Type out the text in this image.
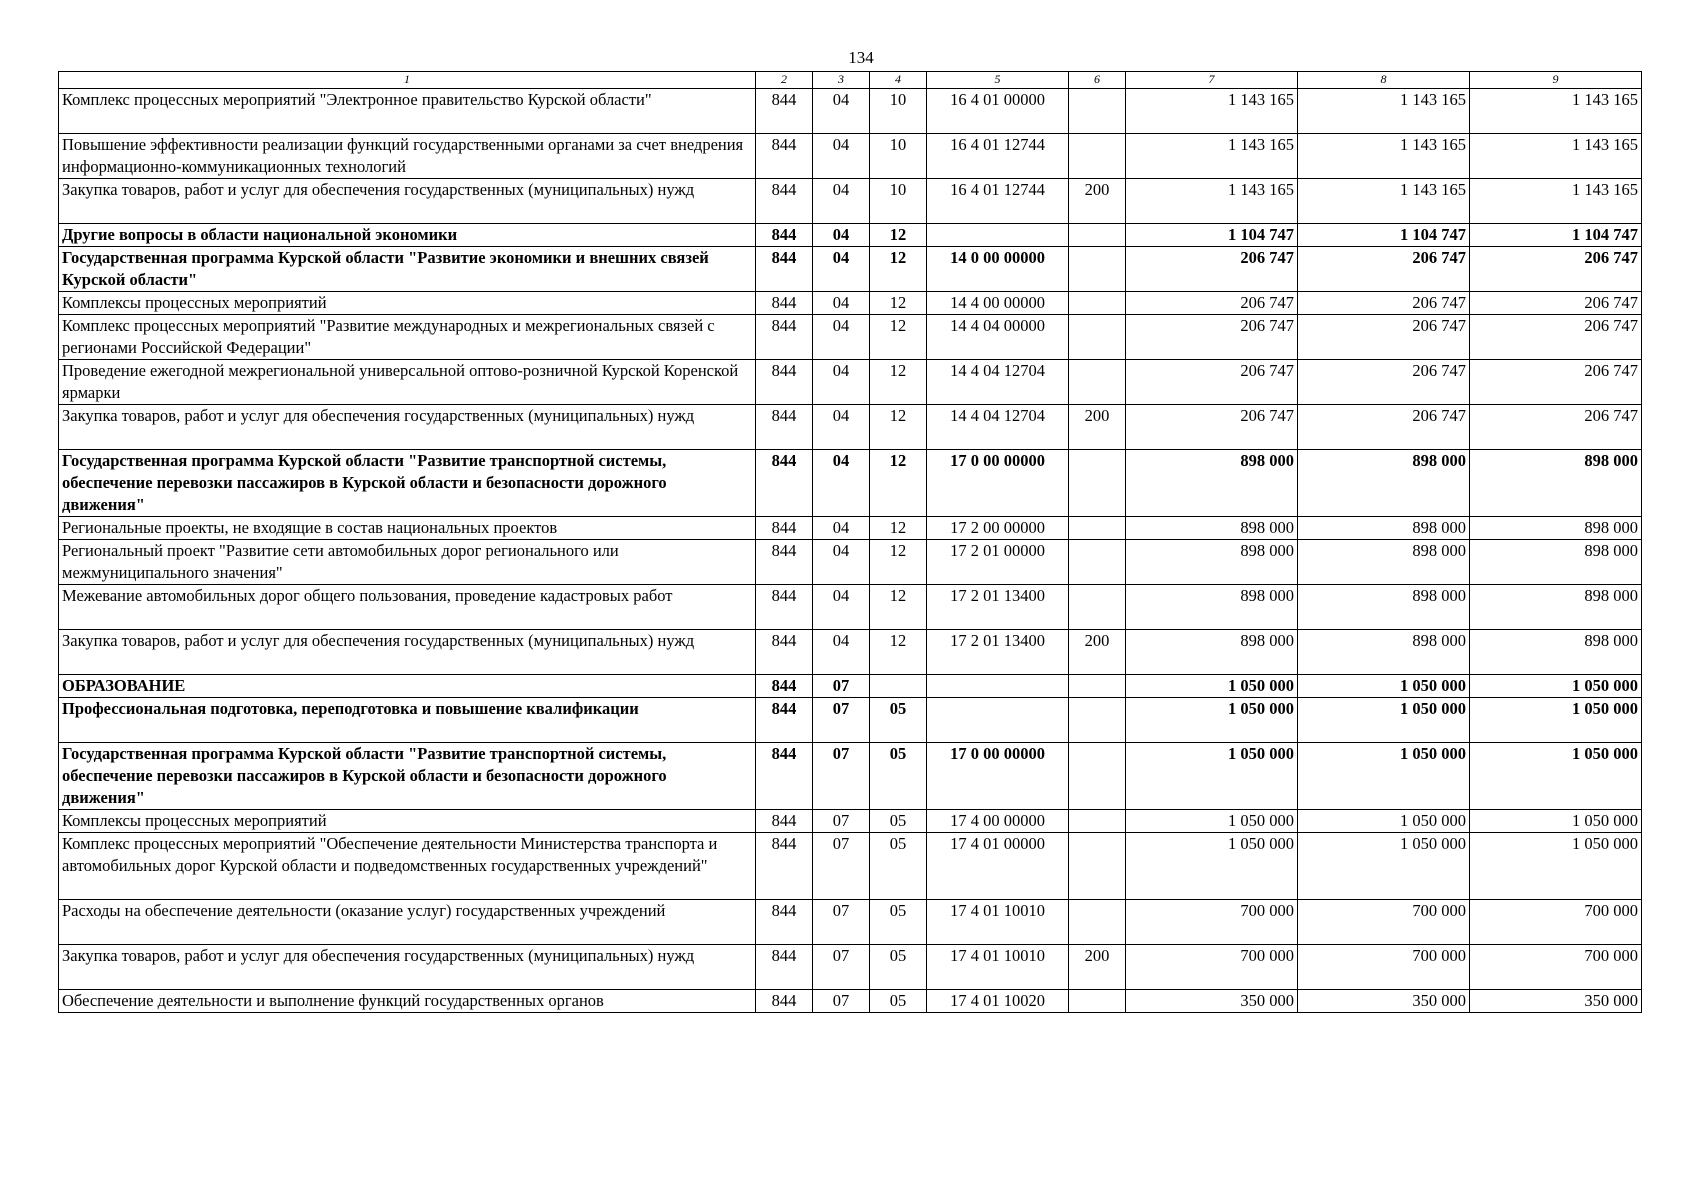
134
1	2	3	4	5	6	7	8	9
Комплекс процессных мероприятий "Электронное правительство Курской области"	844	04	10	16 4 01 00000		1 143 165	1 143 165	1 143 165
Повышение эффективности реализации функций государственными органами за счет внедрения информационно-коммуникационных технологий	844	04	10	16 4 01 12744		1 143 165	1 143 165	1 143 165
Закупка товаров, работ и услуг для обеспечения государственных (муниципальных) нужд	844	04	10	16 4 01 12744	200	1 143 165	1 143 165	1 143 165
Другие вопросы в области национальной экономики	844	04	12			1 104 747	1 104 747	1 104 747
Государственная программа Курской области "Развитие экономики и внешних связей Курской области"	844	04	12	14 0 00 00000		206 747	206 747	206 747
Комплексы процессных мероприятий	844	04	12	14 4 00 00000		206 747	206 747	206 747
Комплекс процессных мероприятий "Развитие международных и межрегиональных связей с регионами Российской Федерации"	844	04	12	14 4 04 00000		206 747	206 747	206 747
Проведение ежегодной межрегиональной универсальной оптово-розничной Курской Коренской ярмарки	844	04	12	14 4 04 12704		206 747	206 747	206 747
Закупка товаров, работ и услуг для обеспечения государственных (муниципальных) нужд	844	04	12	14 4 04 12704	200	206 747	206 747	206 747
Государственная программа Курской области "Развитие транспортной системы, обеспечение перевозки пассажиров в Курской области и безопасности дорожного движения"	844	04	12	17 0 00 00000		898 000	898 000	898 000
Региональные проекты, не входящие в состав национальных проектов	844	04	12	17 2 00 00000		898 000	898 000	898 000
Региональный проект "Развитие сети автомобильных дорог регионального или межмуниципального значения"	844	04	12	17 2 01 00000		898 000	898 000	898 000
Межевание автомобильных дорог общего пользования, проведение кадастровых работ	844	04	12	17 2 01 13400		898 000	898 000	898 000
Закупка товаров, работ и услуг для обеспечения государственных (муниципальных) нужд	844	04	12	17 2 01 13400	200	898 000	898 000	898 000
ОБРАЗОВАНИЕ	844	07				1 050 000	1 050 000	1 050 000
Профессиональная подготовка, переподготовка и повышение квалификации	844	07	05			1 050 000	1 050 000	1 050 000
Государственная программа Курской области "Развитие транспортной системы, обеспечение перевозки пассажиров в Курской области и безопасности дорожного движения"	844	07	05	17 0 00 00000		1 050 000	1 050 000	1 050 000
Комплексы процессных мероприятий	844	07	05	17 4 00 00000		1 050 000	1 050 000	1 050 000
Комплекс процессных мероприятий "Обеспечение деятельности Министерства транспорта и автомобильных дорог Курской области и подведомственных государственных учреждений"	844	07	05	17 4 01 00000		1 050 000	1 050 000	1 050 000
Расходы на обеспечение деятельности (оказание услуг) государственных учреждений	844	07	05	17 4 01 10010		700 000	700 000	700 000
Закупка товаров, работ и услуг для обеспечения государственных (муниципальных) нужд	844	07	05	17 4 01 10010	200	700 000	700 000	700 000
Обеспечение деятельности и выполнение функций государственных органов	844	07	05	17 4 01 10020		350 000	350 000	350 000
